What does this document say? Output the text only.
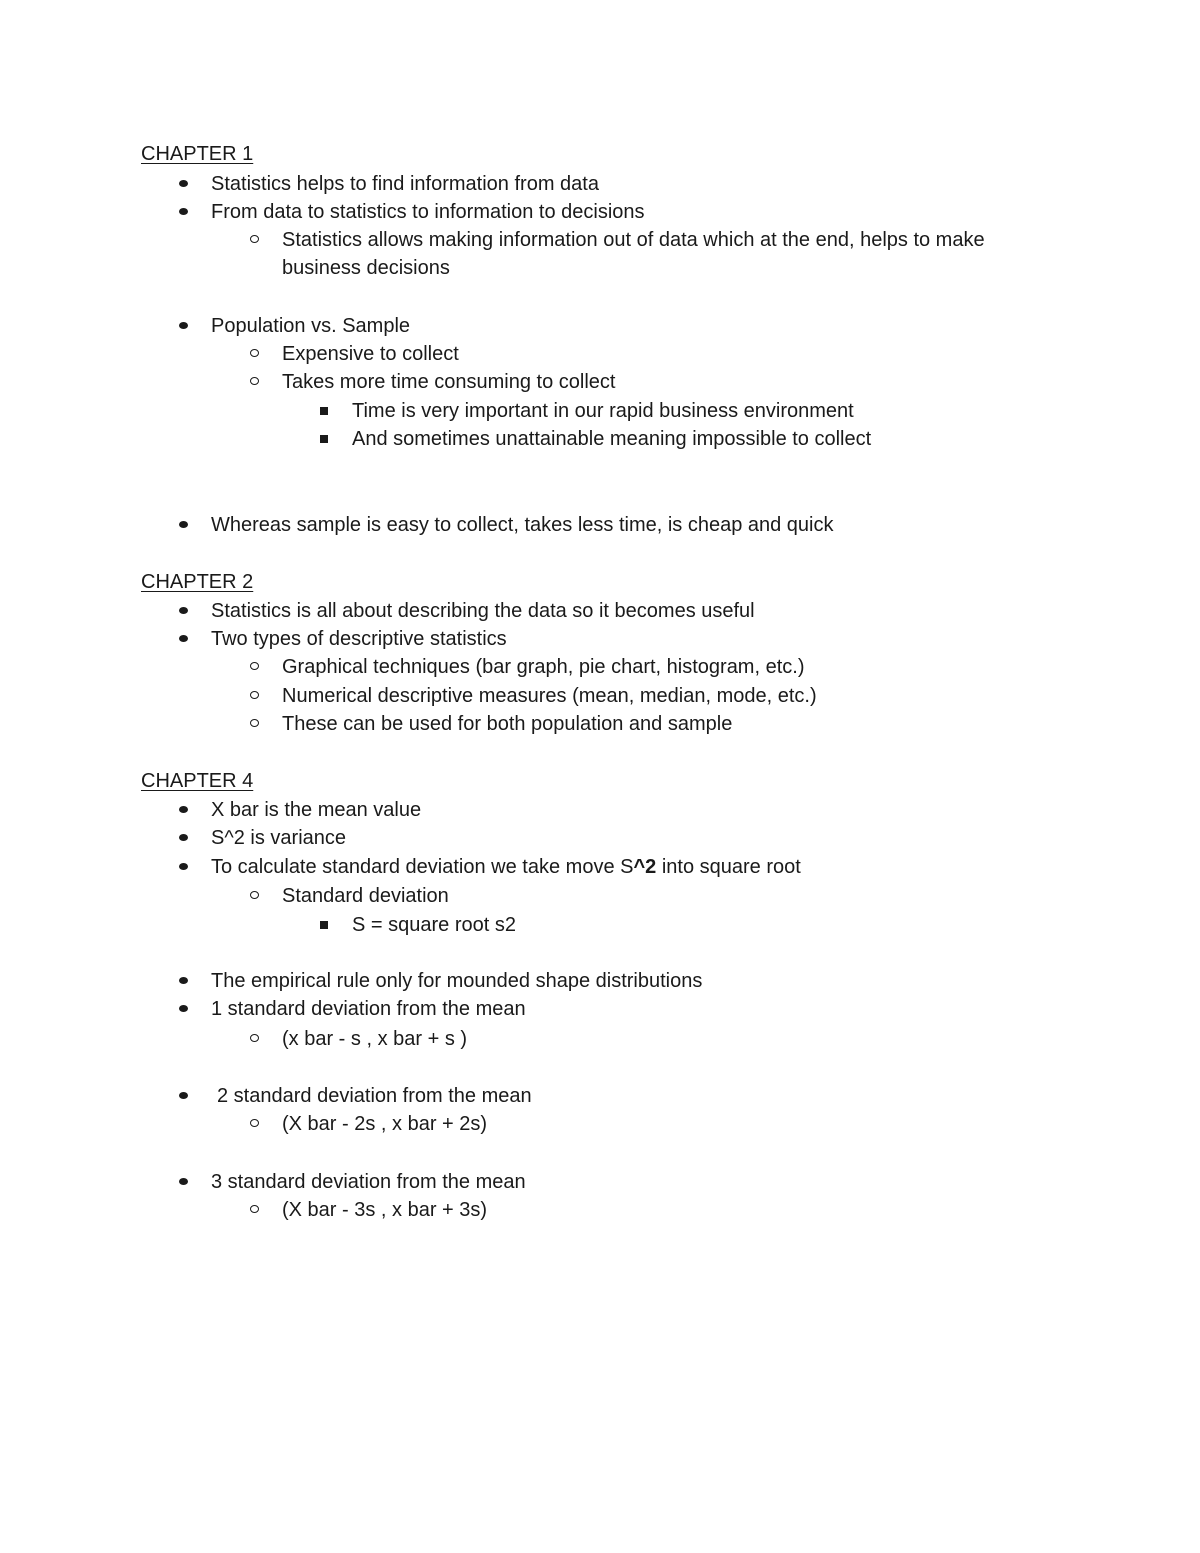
CHAPTER 1
Statistics helps to find information from data
From data to statistics to information to decisions
Statistics allows making information out of data which at the end, helps to make
business decisions
Population vs. Sample
Expensive to collect
Takes more time consuming to collect
Time is very important in our rapid business environment
And sometimes unattainable meaning impossible to collect
Whereas sample is easy to collect, takes less time, is cheap and quick
CHAPTER 2
Statistics is all about describing the data so it becomes useful
Two types of descriptive statistics
Graphical techniques (bar graph, pie chart, histogram, etc.)
Numerical descriptive measures (mean, median, mode, etc.)
These can be used for both population and sample
CHAPTER 4
X bar is the mean value
S^2 is variance
To calculate standard deviation we take move S^2 into square root
Standard deviation
S = square root s2
The empirical rule only for mounded shape distributions
1 standard deviation from the mean
(x bar - s , x bar + s )
2 standard deviation from the mean
(X bar - 2s , x bar + 2s)
3 standard deviation from the mean
(X bar - 3s , x bar + 3s)
